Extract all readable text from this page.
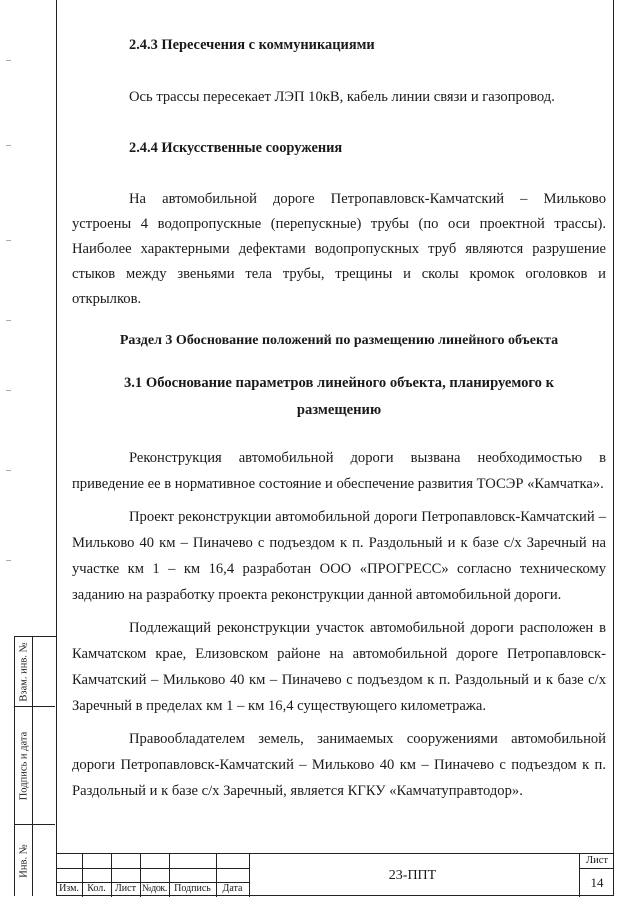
Взам. инв. №
Подпись и дата
Инв. №
2.4.3 Пересечения с коммуникациями

Ось трассы пересекает ЛЭП 10кВ, кабель линии связи и газопровод.

2.4.4 Искусственные сооружения

На автомобильной дороге Петропавловск-Камчатский – Мильково устроены 4 водопропускные (перепускные) трубы (по оси проектной трассы). Наиболее характерными дефектами водопропускных труб являются разрушение стыков между звеньями тела трубы, трещины и сколы кромок оголовков и открылков.

Раздел 3 Обоснование положений по размещению линейного объекта

3.1 Обоснование параметров линейного объекта, планируемого к

размещению

Реконструкция автомобильной дороги вызвана необходимостью в приведение ее в нормативное состояние и обеспечение развития ТОСЭР «Камчатка».

Проект реконструкции автомобильной дороги Петропавловск-Камчатский – Мильково 40 км – Пиначево с подъездом к п. Раздольный и к базе с/х Заречный на участке км 1 – км 16,4 разработан ООО «ПРОГРЕСС» согласно техническому заданию на разработку проекта реконструкции данной автомобильной дороги.

Подлежащий реконструкции участок автомобильной дороги расположен в Камчатском крае, Елизовском районе на автомобильной дороге Петропавловск-Камчатский – Мильково 40 км – Пиначево с подъездом к п. Раздольный и к базе с/х Заречный в пределах км 1 – км 16,4 существующего километража.

Правообладателем земель, занимаемых сооружениями автомобильной дороги Петропавловск-Камчатский – Мильково 40 км – Пиначево с подъездом к п. Раздольный и к базе с/х Заречный, является КГКУ «Камчатуправтодор».

Изм. Кол. Лист №док. Подпись	Дата
23-ППТ
Лист
14
